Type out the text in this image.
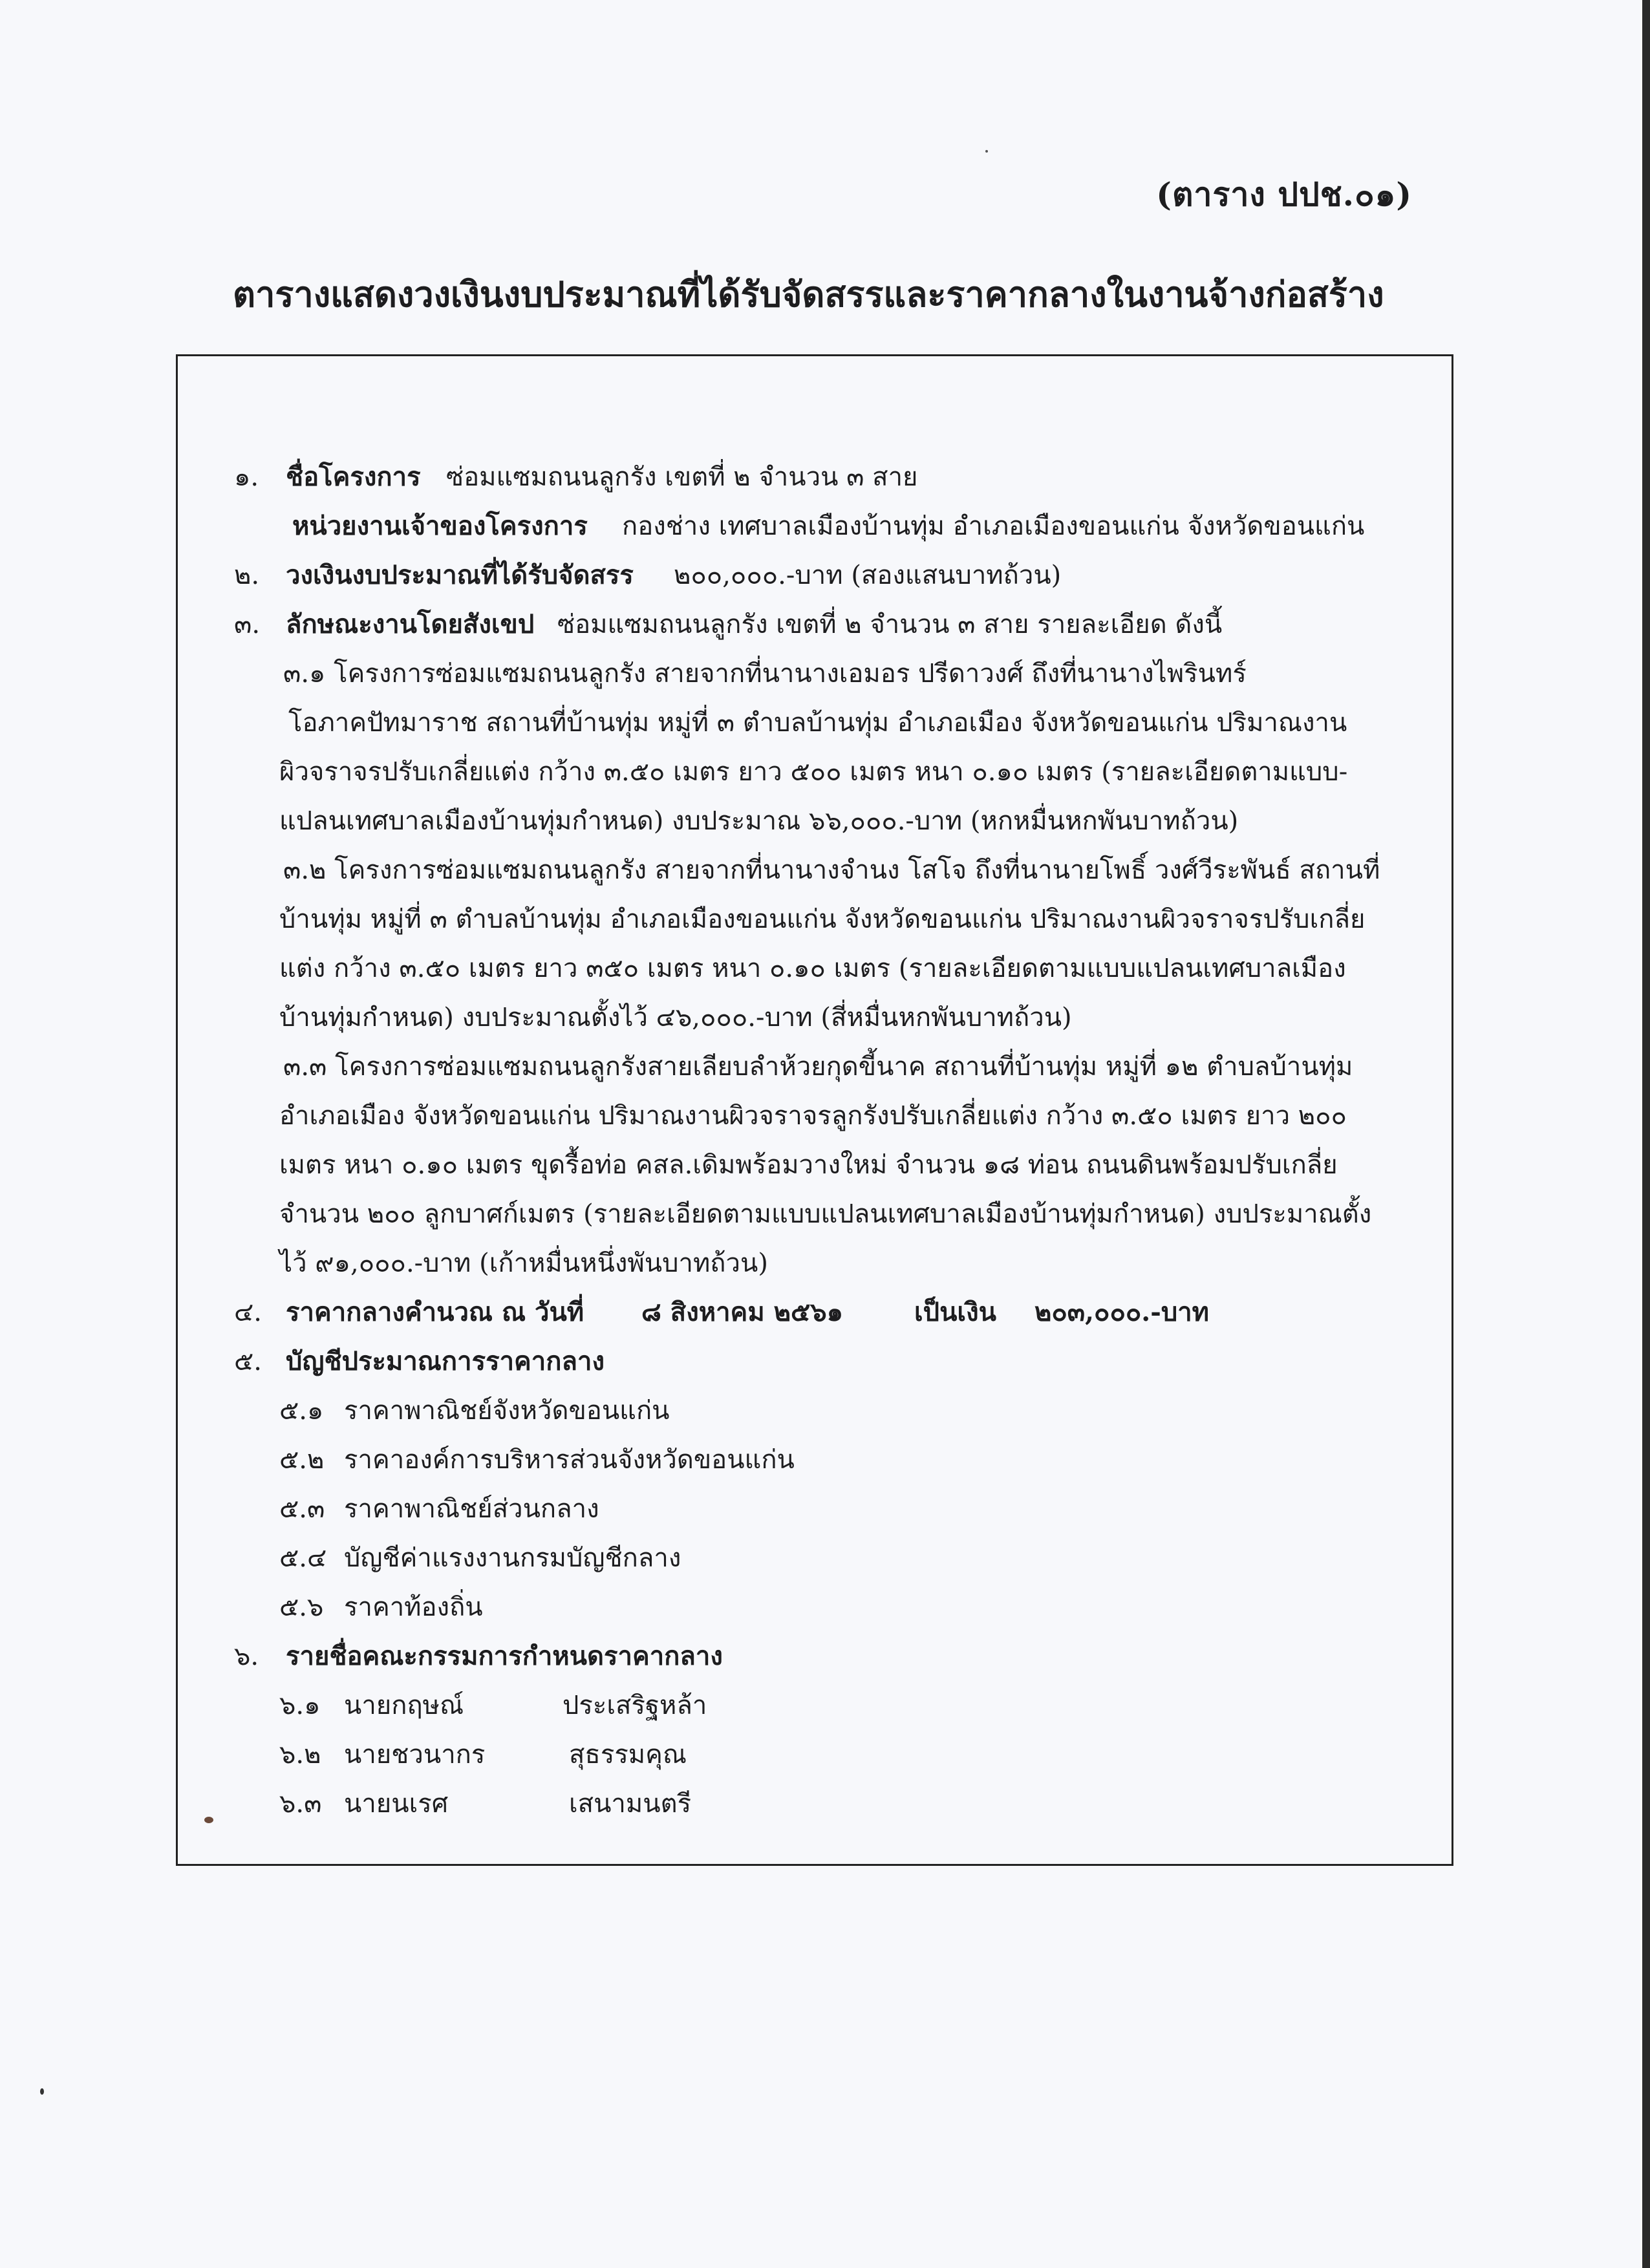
(ตาราง ปปช.๐๑)
ตารางแสดงวงเงินงบประมาณที่ได้รับจัดสรรและราคากลางในงานจ้างก่อสร้าง
๑. ชื่อโครงการ ซ่อมแซมถนนลูกรัง เขตที่ ๒ จำนวน ๓ สาย
หน่วยงานเจ้าของโครงการ กองช่าง เทศบาลเมืองบ้านทุ่ม อำเภอเมืองขอนแก่น จังหวัดขอนแก่น
๒. วงเงินงบประมาณที่ได้รับจัดสรร ๒๐๐,๐๐๐.-บาท (สองแสนบาทถ้วน)
๓. ลักษณะงานโดยสังเขป ซ่อมแซมถนนลูกรัง เขตที่ ๒ จำนวน ๓ สาย รายละเอียด ดังนี้
๓.๑ โครงการซ่อมแซมถนนลูกรัง สายจากที่นานางเอมอร ปรีดาวงศ์ ถึงที่นานางไพรินทร์
โอภาคปัทมาราช สถานที่บ้านทุ่ม หมู่ที่ ๓ ตำบลบ้านทุ่ม อำเภอเมือง จังหวัดขอนแก่น ปริมาณงาน
ผิวจราจรปรับเกลี่ยแต่ง กว้าง ๓.๕๐ เมตร ยาว ๕๐๐ เมตร หนา ๐.๑๐ เมตร (รายละเอียดตามแบบ-
แปลนเทศบาลเมืองบ้านทุ่มกำหนด) งบประมาณ ๖๖,๐๐๐.-บาท (หกหมื่นหกพันบาทถ้วน)
๓.๒ โครงการซ่อมแซมถนนลูกรัง สายจากที่นานางจำนง โสโจ ถึงที่นานายโพธิ์ วงศ์วีระพันธ์ สถานที่
บ้านทุ่ม หมู่ที่ ๓ ตำบลบ้านทุ่ม อำเภอเมืองขอนแก่น จังหวัดขอนแก่น ปริมาณงานผิวจราจรปรับเกลี่ย
แต่ง กว้าง ๓.๕๐ เมตร ยาว ๓๕๐ เมตร หนา ๐.๑๐ เมตร (รายละเอียดตามแบบแปลนเทศบาลเมือง
บ้านทุ่มกำหนด) งบประมาณตั้งไว้ ๔๖,๐๐๐.-บาท (สี่หมื่นหกพันบาทถ้วน)
๓.๓ โครงการซ่อมแซมถนนลูกรังสายเลียบลำห้วยกุดขี้นาค สถานที่บ้านทุ่ม หมู่ที่ ๑๒ ตำบลบ้านทุ่ม
อำเภอเมือง จังหวัดขอนแก่น ปริมาณงานผิวจราจรลูกรังปรับเกลี่ยแต่ง กว้าง ๓.๕๐ เมตร ยาว ๒๐๐
เมตร หนา ๐.๑๐ เมตร ขุดรื้อท่อ คสล.เดิมพร้อมวางใหม่ จำนวน ๑๘ ท่อน ถนนดินพร้อมปรับเกลี่ย
จำนวน ๒๐๐ ลูกบาศก์เมตร (รายละเอียดตามแบบแปลนเทศบาลเมืองบ้านทุ่มกำหนด) งบประมาณตั้ง
ไว้ ๙๑,๐๐๐.-บาท (เก้าหมื่นหนึ่งพันบาทถ้วน)
๔. ราคากลางคำนวณ ณ วันที่ ๘ สิงหาคม ๒๕๖๑	เป็นเงิน ๒๐๓,๐๐๐.-บาท
๕. บัญชีประมาณการราคากลาง
๕.๑ ราคาพาณิชย์จังหวัดขอนแก่น
๕.๒ ราคาองค์การบริหารส่วนจังหวัดขอนแก่น
๕.๓ ราคาพาณิชย์ส่วนกลาง
๕.๔ บัญชีค่าแรงงานกรมบัญชีกลาง
๕.๖ ราคาท้องถิ่น
๖. รายชื่อคณะกรรมการกำหนดราคากลาง
๖.๑ นายกฤษณ์	ประเสริฐหล้า
๖.๒ นายชวนากร	สุธรรมคุณ
๖.๓ นายนเรศ	เสนามนตรี
